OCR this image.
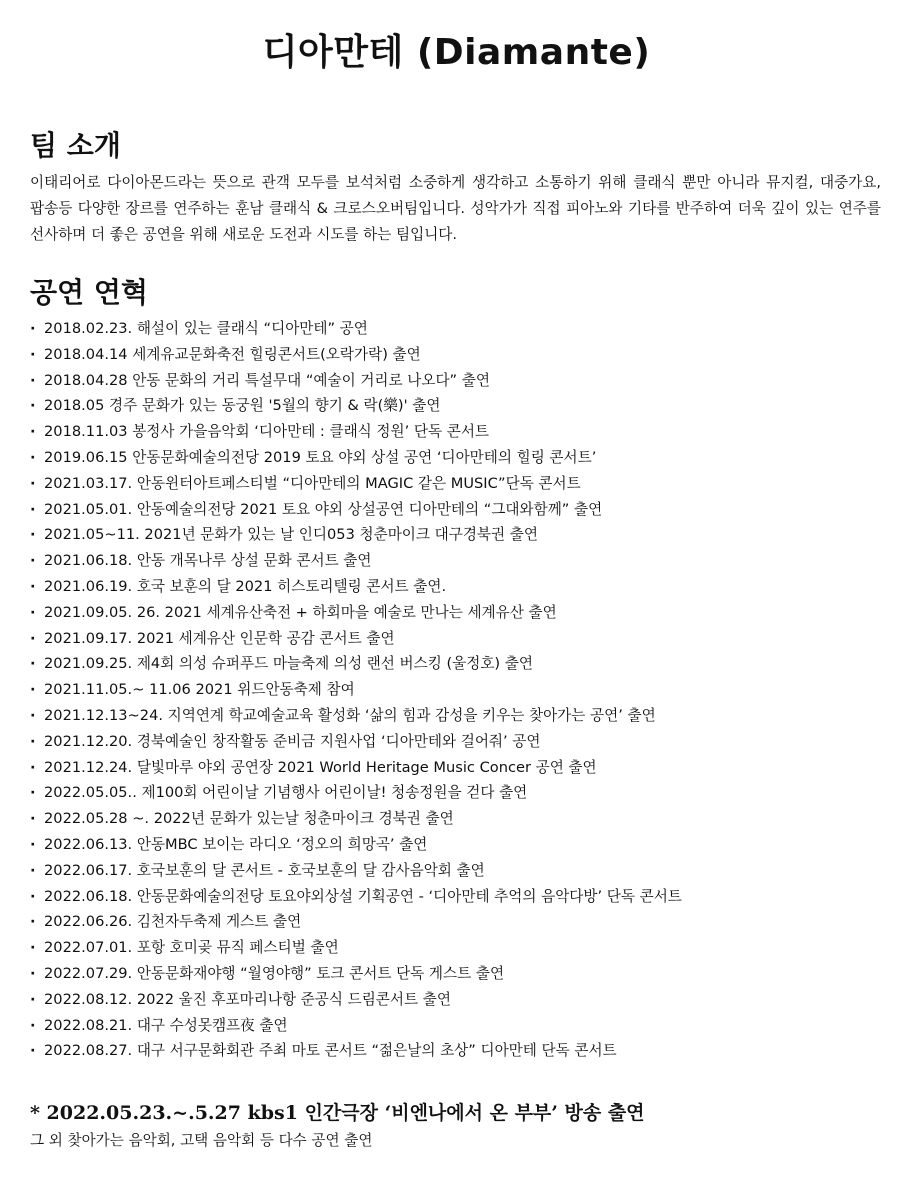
디아만테 (Diamante)
팀 소개
이태리어로 다이아몬드라는 뜻으로 관객 모두를 보석처럼 소중하게 생각하고 소통하기 위해 클래식 뿐만 아니라 뮤지컬, 대중가요, 팝송등 다양한 장르를 연주하는 훈남 클래식 & 크로스오버팀입니다. 성악가가 직접 피아노와 기타를 반주하여 더욱 깊이 있는 연주를 선사하며 더 좋은 공연을 위해 새로운 도전과 시도를 하는 팀입니다.
공연 연혁
· 2018.02.23. 해설이 있는 클래식 “디아만테” 공연
· 2018.04.14 세계유교문화축전 힐링콘서트(오락가락) 출연
· 2018.04.28 안동 문화의 거리 특설무대 “예술이 거리로 나오다” 출연
· 2018.05 경주 문화가 있는 동궁원 '5월의 향기 & 락(樂)' 출연
· 2018.11.03 봉정사 가을음악회 ‘디아만테 : 클래식 정원’ 단독 콘서트
· 2019.06.15 안동문화예술의전당 2019 토요 야외 상설 공연 ‘디아만테의 힐링 콘서트’
· 2021.03.17. 안동윈터아트페스티벌 “디아만테의 MAGIC 같은 MUSIC”단독 콘서트
· 2021.05.01. 안동예술의전당 2021 토요 야외 상설공연 디아만테의 “그대와함께” 출연
· 2021.05~11. 2021년 문화가 있는 날 인디053 청춘마이크 대구경북권 출연
· 2021.06.18. 안동 개목나루 상설 문화 콘서트 출연
· 2021.06.19. 호국 보훈의 달 2021 히스토리텔링 콘서트 출연.
· 2021.09.05. 26. 2021 세계유산축전 + 하회마을 예술로 만나는 세계유산 출연
· 2021.09.17. 2021 세계유산 인문학 공감 콘서트 출연
· 2021.09.25. 제4회 의성 슈퍼푸드 마늘축제 의성 랜선 버스킹 (울정호) 출연
· 2021.11.05.~ 11.06 2021 위드안동축제 참여
· 2021.12.13~24. 지역연계 학교예술교육 활성화 ‘삶의 힘과 감성을 키우는 찾아가는 공연’ 출연
· 2021.12.20. 경북예술인 창작활동 준비금 지원사업 ‘디아만테와 걸어줘’ 공연
· 2021.12.24. 달빛마루 야외 공연장 2021 World Heritage Music Concer 공연 출연
· 2022.05.05.. 제100회 어린이날 기념행사 어린이날! 청송정원을 걷다 출연
· 2022.05.28 ~. 2022년 문화가 있는날 청춘마이크 경북권 출연
· 2022.06.13. 안동MBC 보이는 라디오 ‘정오의 희망곡’ 출연
· 2022.06.17. 호국보훈의 달 콘서트 - 호국보훈의 달 감사음악회 출연
· 2022.06.18. 안동문화예술의전당 토요야외상설 기획공연 - ‘디아만테 추억의 음악다방’ 단독 콘서트
· 2022.06.26. 김천자두축제 게스트 출연
· 2022.07.01. 포항 호미곶 뮤직 페스티벌 출연
· 2022.07.29. 안동문화재야행 “월영야행” 토크 콘서트 단독 게스트 출연
· 2022.08.12. 2022 울진 후포마리나항 준공식 드림콘서트 출연
· 2022.08.21. 대구 수성못캠프夜 출연
· 2022.08.27. 대구 서구문화회관 주최 마토 콘서트 “젊은날의 초상” 디아만테 단독 콘서트
* 2022.05.23.~.5.27 kbs1 인간극장 ‘비엔나에서 온 부부’ 방송 출연
그 외 찾아가는 음악회, 고택 음악회 등 다수 공연 출연
